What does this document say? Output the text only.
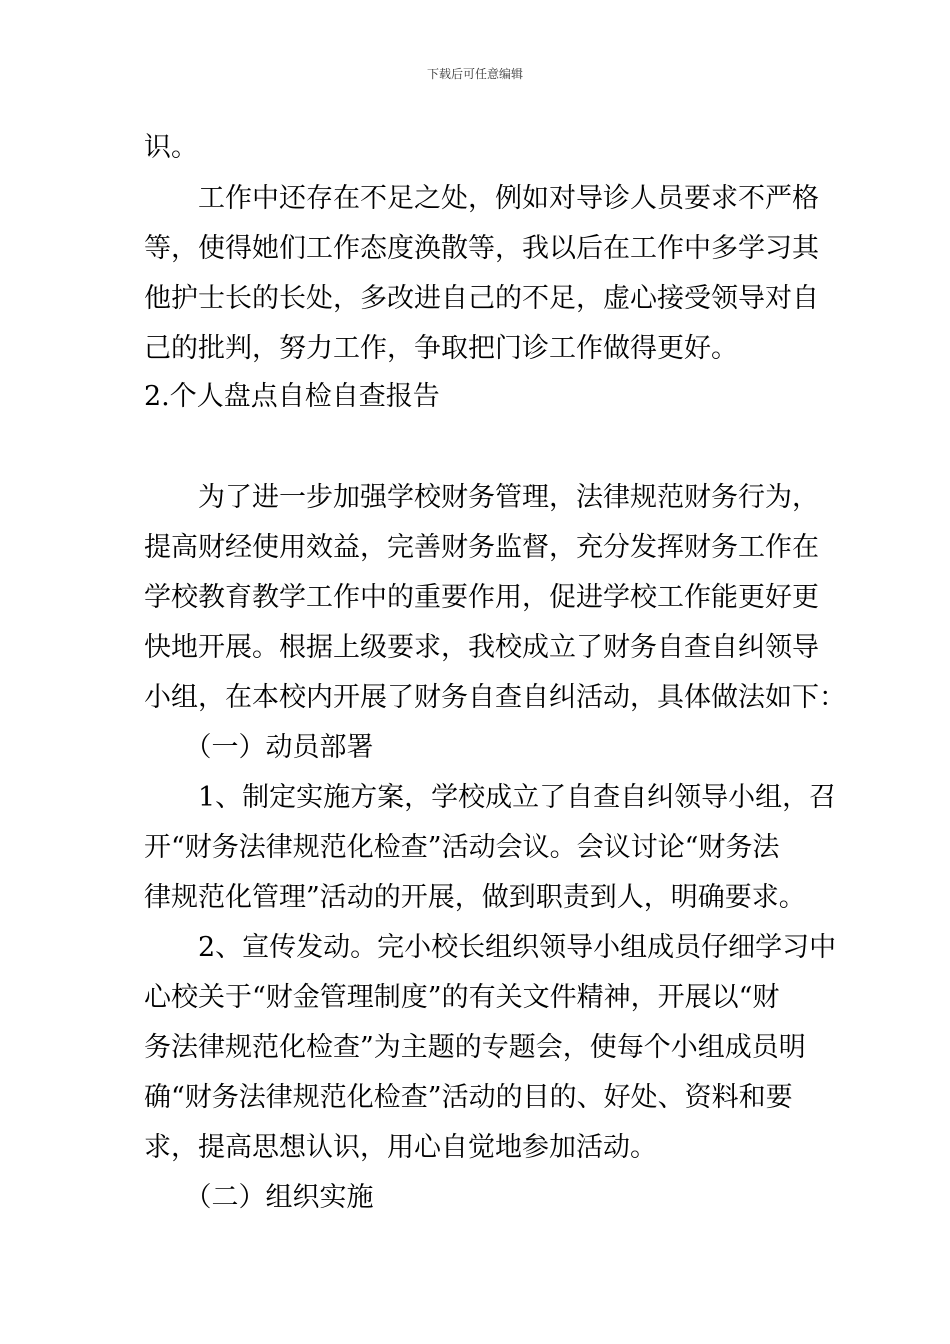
下载后可任意编辑
识。
　　工作中还存在不足之处，例如对导诊人员要求不严格
等，使得她们工作态度涣散等，我以后在工作中多学习其
他护士长的长处，多改进自己的不足，虚心接受领导对自
己的批判，努力工作，争取把门诊工作做得更好。
2.个人盘点自检自查报告
　　为了进一步加强学校财务管理，法律规范财务行为，
提高财经使用效益，完善财务监督，充分发挥财务工作在
学校教育教学工作中的重要作用，促进学校工作能更好更
快地开展。根据上级要求，我校成立了财务自查自纠领导
小组，在本校内开展了财务自查自纠活动，具体做法如下：
　　（一）动员部署
　　1、制定实施方案，学校成立了自查自纠领导小组，召
开“财务法律规范化检查”活动会议。会议讨论“财务法
律规范化管理”活动的开展，做到职责到人，明确要求。
　　2、宣传发动。完小校长组织领导小组成员仔细学习中
心校关于“财金管理制度”的有关文件精神，开展以“财
务法律规范化检查”为主题的专题会，使每个小组成员明
确“财务法律规范化检查”活动的目的、好处、资料和要
求，提高思想认识，用心自觉地参加活动。
　　（二）组织实施
